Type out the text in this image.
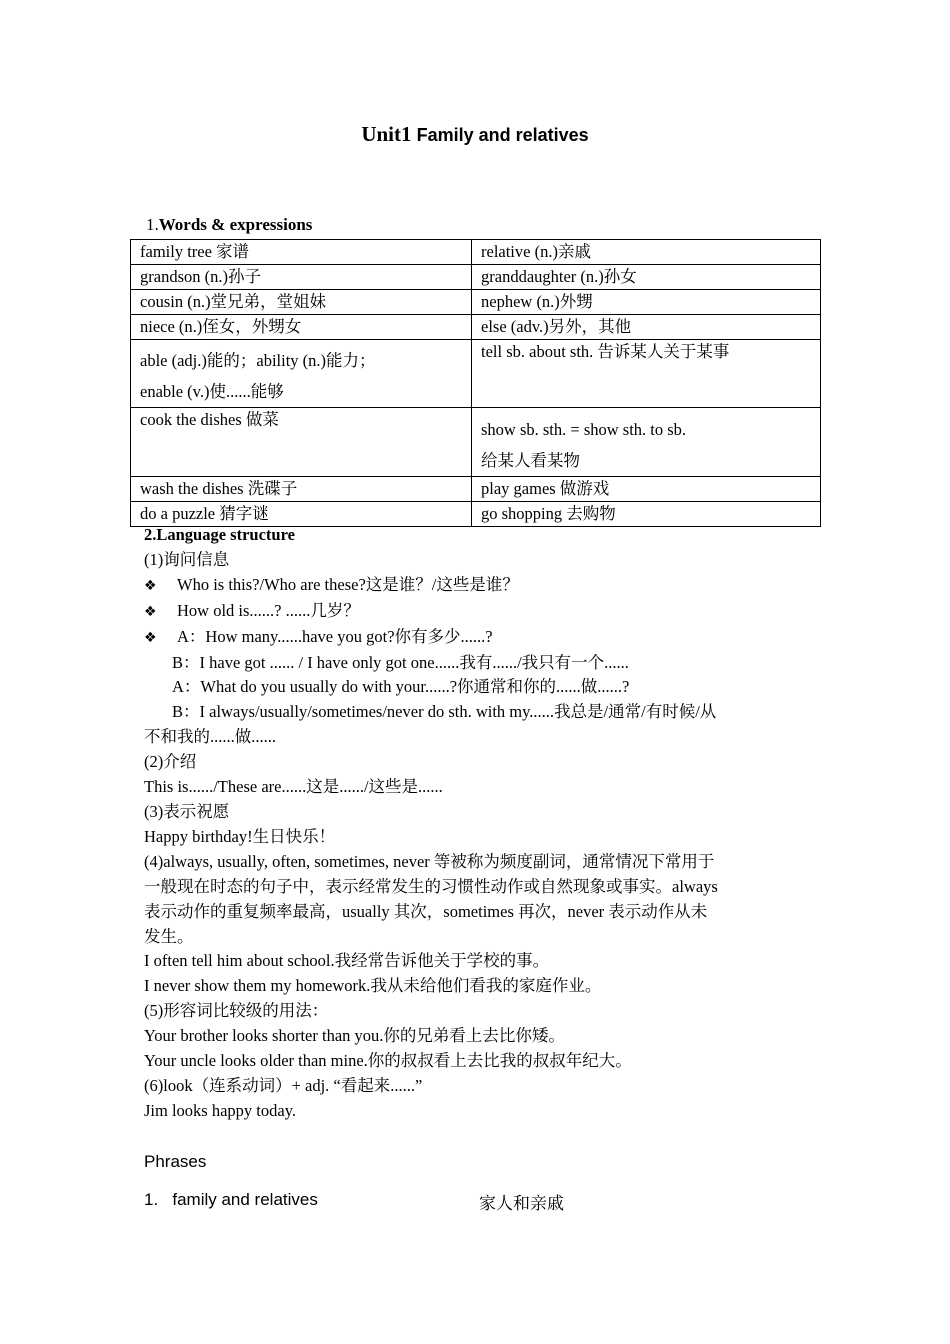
Unit1 Family and relatives
1.Words & expressions
family tree 家谱	relative (n.)亲戚
grandson (n.)孙子	granddaughter (n.)孙女
cousin (n.)堂兄弟，堂姐妹	nephew (n.)外甥
niece (n.)侄女，外甥女	else (adv.)另外，其他

able (adj.)能的；ability (n.)能力；
enable (v.)使......能够	tell sb. about sth. 告诉某人关于某事
cook the dishes 做菜	show sb. sth. = show sth. to sb.
给某人看某物

wash the dishes 洗碟子	play games 做游戏
do a puzzle 猜字谜	go shopping 去购物

2.Language structure

(1)询问信息

❖ Who is this?/Who are these?这是谁？/这些是谁？

❖ How old is......? ......几岁？

❖ A：How many......have you got?你有多少......?

B：I have got ...... / I have only got one......我有....../我只有一个......

A：What do you usually do with your......?你通常和你的......做......?

B：I always/usually/sometimes/never do sth. with my......我总是/通常/有时候/从

不和我的......做......

(2)介绍

This is....../These are......这是....../这些是......

(3)表示祝愿

Happy birthday!生日快乐！

(4)always, usually, often, sometimes, never 等被称为频度副词，通常情况下常用于

一般现在时态的句子中，表示经常发生的习惯性动作或自然现象或事实。always

表示动作的重复频率最高，usually 其次，sometimes 再次，never 表示动作从未

发生。

I often tell him about school.我经常告诉他关于学校的事。

I never show them my homework.我从未给他们看我的家庭作业。

(5)形容词比较级的用法：

Your brother looks shorter than you.你的兄弟看上去比你矮。

Your uncle looks older than mine.你的叔叔看上去比我的叔叔年纪大。

(6)look（连系动词）+ adj. “看起来......”

Jim looks happy today.

Phrases
1. family and relatives	家人和亲戚
